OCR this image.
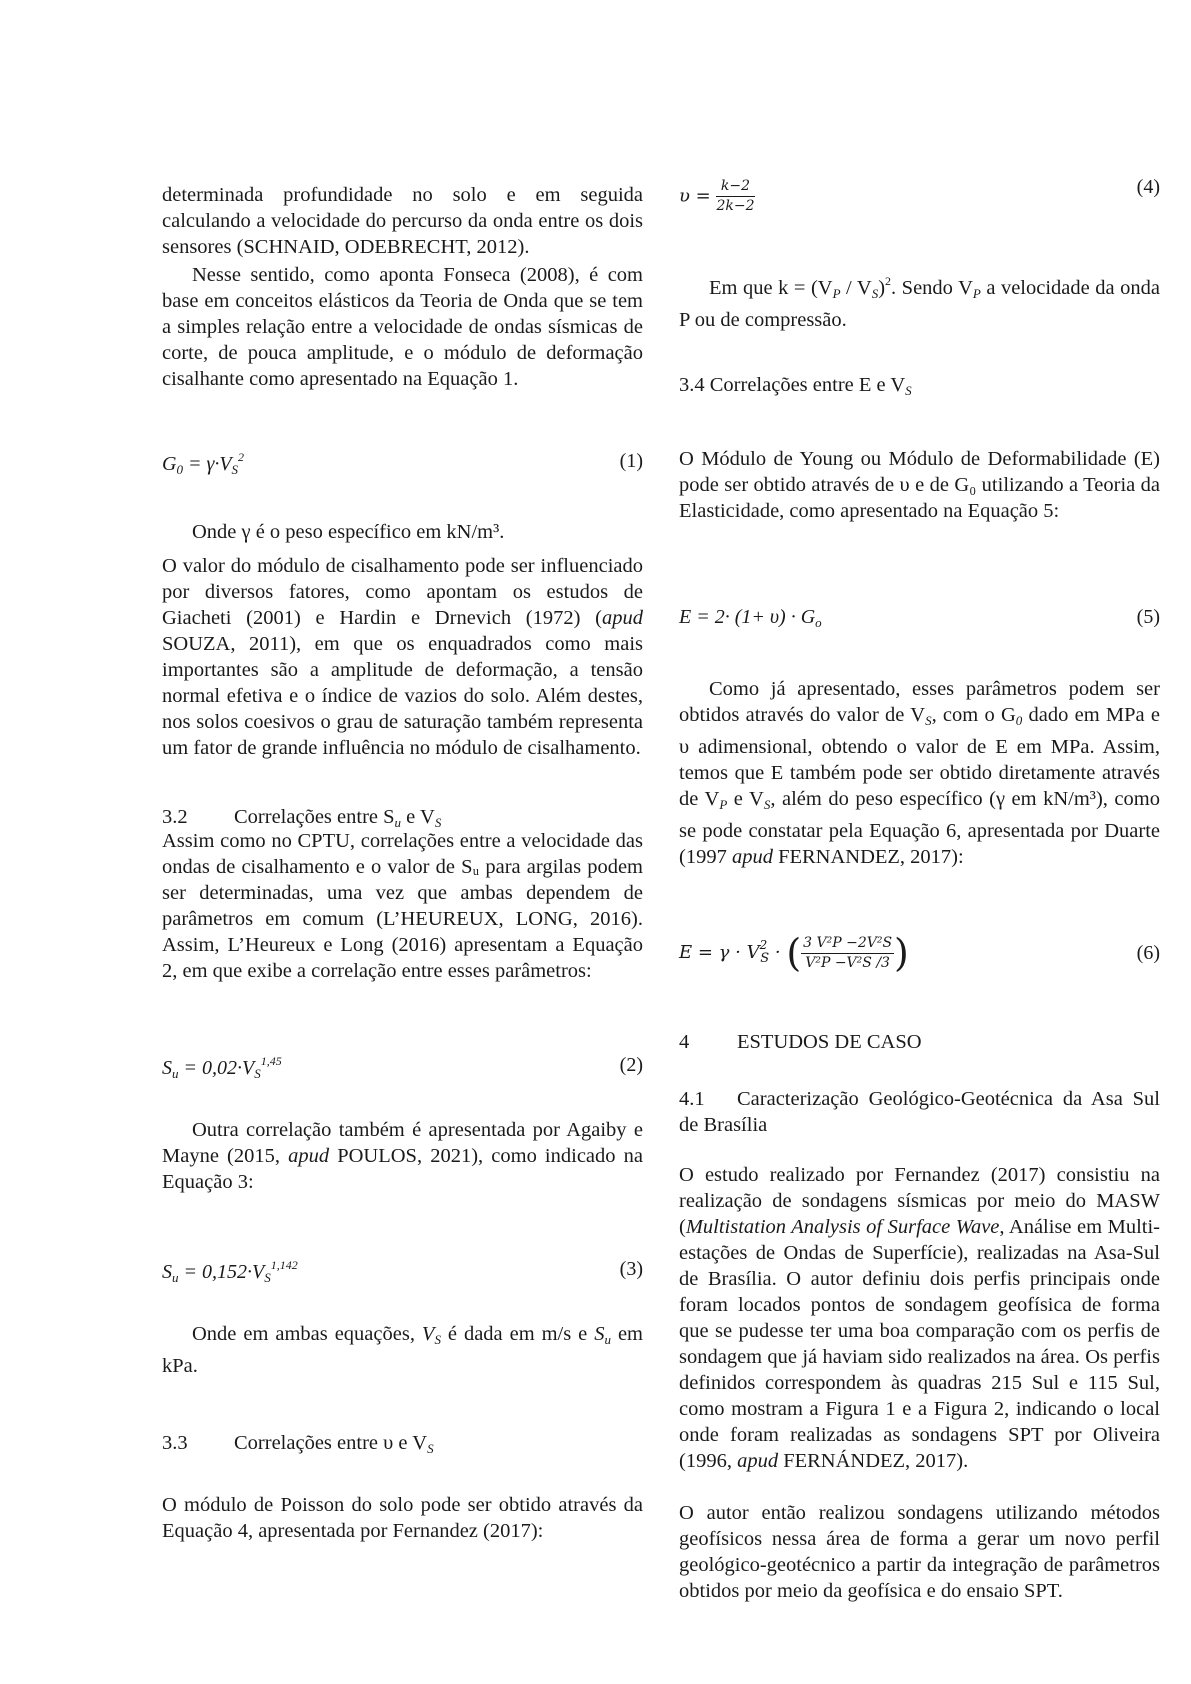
determinada profundidade no solo e em seguida calculando a velocidade do percurso da onda entre os dois sensores (SCHNAID, ODEBRECHT, 2012).

Nesse sentido, como aponta Fonseca (2008), é com base em conceitos elásticos da Teoria de Onda que se tem a simples relação entre a velocidade de ondas sísmicas de corte, de pouca amplitude, e o módulo de deformação cisalhante como apresentado na Equação 1.

$G_0 = \gamma\cdot V_S^2$	(1)

Onde γ é o peso específico em kN/m³.

O valor do módulo de cisalhamento pode ser influenciado por diversos fatores, como apontam os estudos de Giacheti (2001) e Hardin e Drnevich (1972) (apud SOUZA, 2011), em que os enquadrados como mais importantes são a amplitude de deformação, a tensão normal efetiva e o índice de vazios do solo. Além destes, nos solos coesivos o grau de saturação também representa um fator de grande influência no módulo de cisalhamento.

3.2 Correlações entre $S_u$ e $V_S$

Assim como no CPTU, correlações entre a velocidade das ondas de cisalhamento e o valor de Sᵤ para argilas podem ser determinadas, uma vez que ambas dependem de parâmetros em comum (L’HEUREUX, LONG, 2016). Assim, L’Heureux e Long (2016) apresentam a Equação 2, em que exibe a correlação entre esses parâmetros:

$S_u = 0,02\cdot V_S^{1,45}$	(2)

Outra correlação também é apresentada por Agaiby e Mayne (2015, apud POULOS, 2021), como indicado na Equação 3:

$S_u = 0,152\cdot V_S^{1,142}$	(3)

Onde em ambas equações, $V_S$ é dada em m/s e $S_u$ em kPa.

3.3 Correlações entre υ e $V_S$

O módulo de Poisson do solo pode ser obtido através da Equação 4, apresentada por Fernandez (2017):

$\upsilon = \frac{k-2}{2k-2}$	(4)

Em que $k = (V_P / V_S)^2$. Sendo $V_P$ a velocidade da onda P ou de compressão.

3.4 Correlações entre E e $V_S$

O Módulo de Young ou Módulo de Deformabilidade (E) pode ser obtido através de υ e de G₀ utilizando a Teoria da Elasticidade, como apresentado na Equação 5:

$E = 2\cdot (1+ \upsilon) \cdot G_o$	(5)

Como já apresentado, esses parâmetros podem ser obtidos através do valor de $V_S$, com o $G_0$ dado em MPa e υ adimensional, obtendo o valor de E em MPa. Assim, temos que E também pode ser obtido diretamente através de $V_P$ e $V_S$, além do peso específico (γ em kN/m³), como se pode constatar pela Equação 6, apresentada por Duarte (1997 apud FERNANDEZ, 2017):

$E = \gamma \cdot V^2_S$ · ( $\frac{\text{3 V²P −2V²S}}{\text{V²P −V²S /3}}$ )	(6)

4 ESTUDOS DE CASO

4.1 Caracterização Geológico-Geotécnica da Asa Sul de Brasília

O estudo realizado por Fernandez (2017) consistiu na realização de sondagens sísmicas por meio do MASW (Multistation Analysis of Surface Wave, Análise em Multi-estações de Ondas de Superfície), realizadas na Asa-Sul de Brasília. O autor definiu dois perfis principais onde foram locados pontos de sondagem geofísica de forma que se pudesse ter uma boa comparação com os perfis de sondagem que já haviam sido realizados na área. Os perfis definidos correspondem às quadras 215 Sul e 115 Sul, como mostram a Figura 1 e a Figura 2, indicando o local onde foram realizadas as sondagens SPT por Oliveira (1996, apud FERNÁNDEZ, 2017).

O autor então realizou sondagens utilizando métodos geofísicos nessa área de forma a gerar um novo perfil geológico-geotécnico a partir da integração de parâmetros obtidos por meio da geofísica e do ensaio SPT.
